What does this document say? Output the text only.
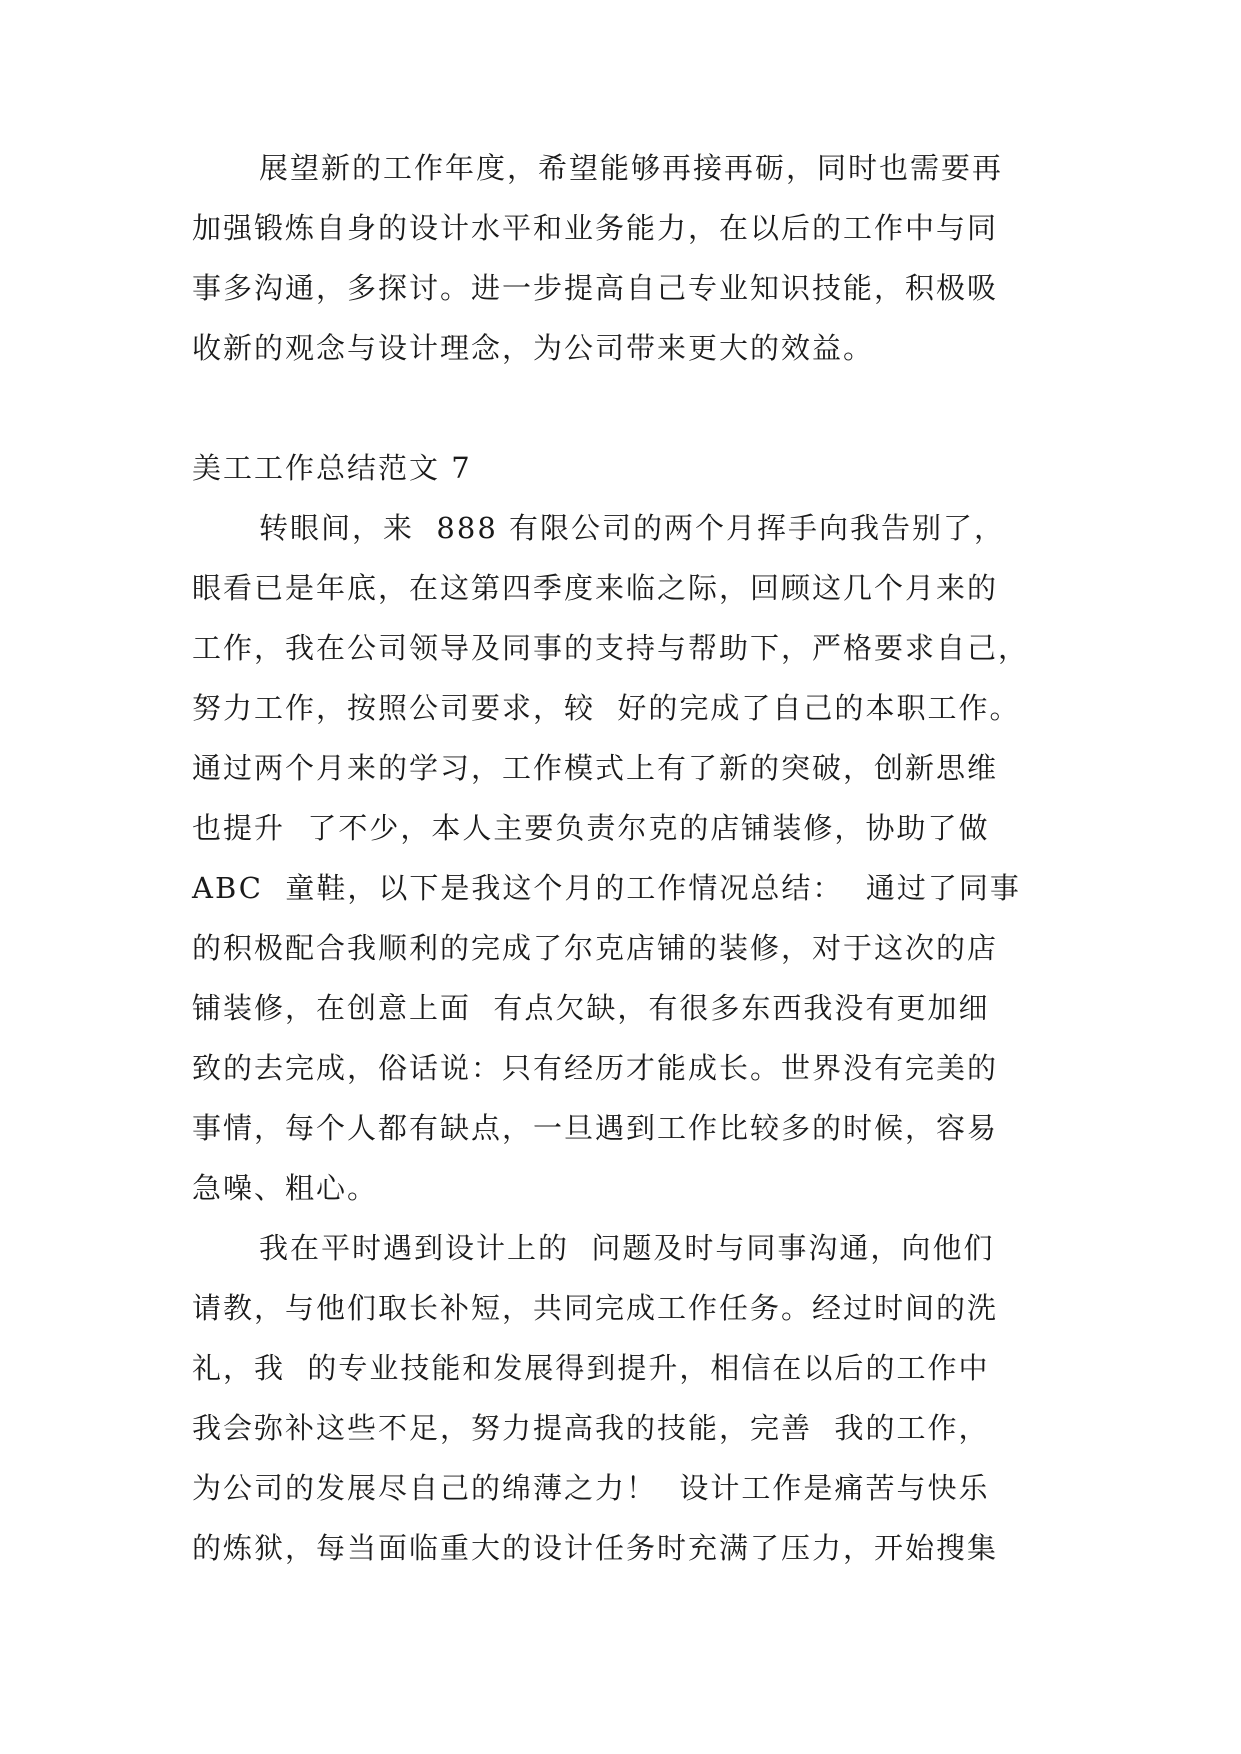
展望新的工作年度，希望能够再接再砺，同时也需要再
加强锻炼自身的设计水平和业务能力，在以后的工作中与同
事多沟通，多探讨。进一步提高自己专业知识技能，积极吸
收新的观念与设计理念，为公司带来更大的效益。
美工工作总结范文 7
转眼间，来  888 有限公司的两个月挥手向我告别了，
眼看已是年底，在这第四季度来临之际，回顾这几个月来的
工作，我在公司领导及同事的支持与帮助下，严格要求自己，
努力工作，按照公司要求，较  好的完成了自己的本职工作。
通过两个月来的学习，工作模式上有了新的突破，创新思维
也提升  了不少，本人主要负责尔克的店铺装修，协助了做
ABC  童鞋，以下是我这个月的工作情况总结：  通过了同事
的积极配合我顺利的完成了尔克店铺的装修，对于这次的店
铺装修，在创意上面  有点欠缺，有很多东西我没有更加细
致的去完成，俗话说：只有经历才能成长。世界没有完美的
事情，每个人都有缺点，一旦遇到工作比较多的时候，容易
急噪、粗心。
我在平时遇到设计上的  问题及时与同事沟通，向他们
请教，与他们取长补短，共同完成工作任务。经过时间的洗
礼，我  的专业技能和发展得到提升，相信在以后的工作中
我会弥补这些不足，努力提高我的技能，完善  我的工作，
为公司的发展尽自己的绵薄之力！  设计工作是痛苦与快乐
的炼狱，每当面临重大的设计任务时充满了压力，开始搜集
